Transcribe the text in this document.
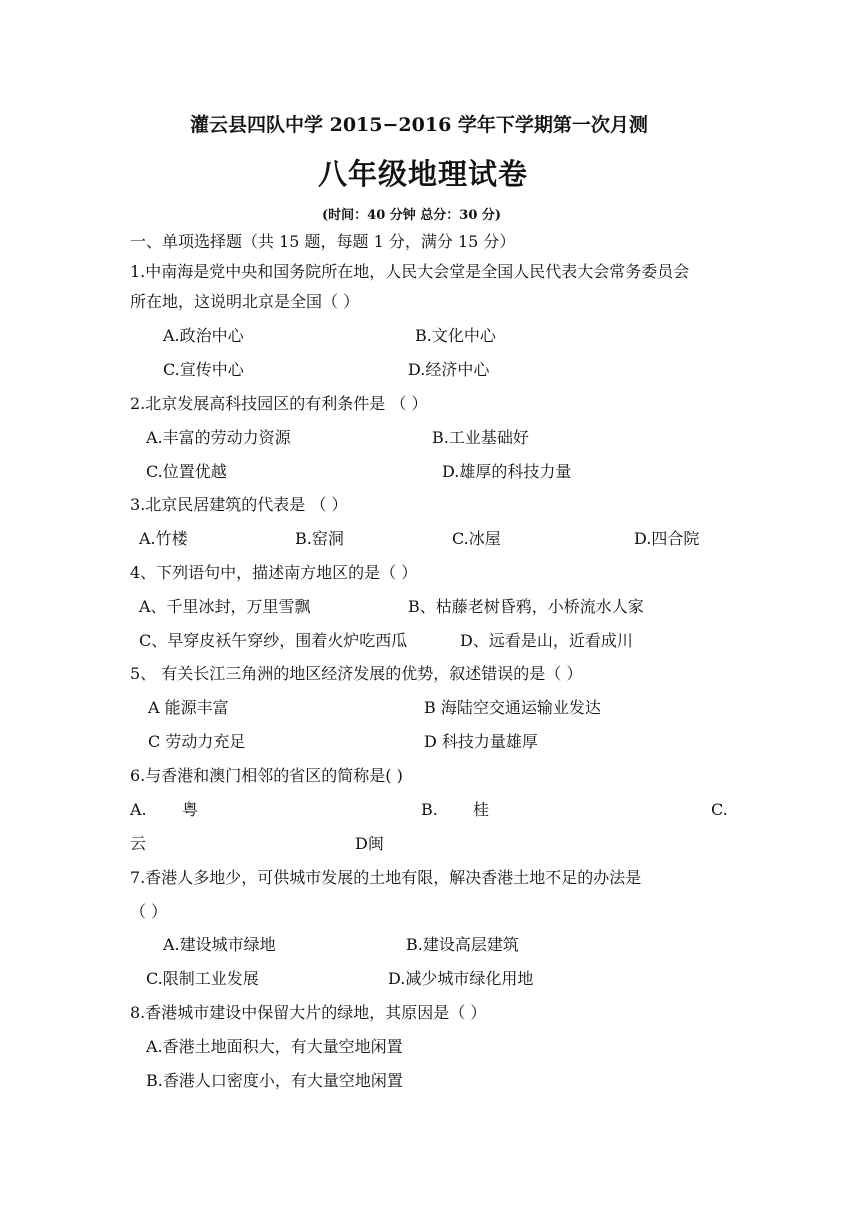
灌云县四队中学 2015−2016 学年下学期第一次月测
八年级地理试卷
(时间：40 分钟 总分：30 分)
一、单项选择题（共 15 题，每题 1 分，满分 15 分）
1.中南海是党中央和国务院所在地，人民大会堂是全国人民代表大会常务委员会
所在地，这说明北京是全国（ ）
A.政治中心	B.文化中心
C.宣传中心	D.经济中心
2.北京发展高科技园区的有利条件是 （ ）
A.丰富的劳动力资源	B.工业基础好
C.位置优越	D.雄厚的科技力量
3.北京民居建筑的代表是 （ ）
A.竹楼	B.窑洞	C.冰屋	D.四合院
4、下列语句中，描述南方地区的是（ ）
A、千里冰封，万里雪飘	B、枯藤老树昏鸦，小桥流水人家
C、早穿皮袄午穿纱，围着火炉吃西瓜	D、远看是山，近看成川
5、 有关长江三角洲的地区经济发展的优势，叙述错误的是（ ）
A 能源丰富	B 海陆空交通运输业发达
C 劳动力充足	D 科技力量雄厚
6.与香港和澳门相邻的省区的简称是( )
A. 粤	B. 桂	C.
云	D闽
7.香港人多地少，可供城市发展的土地有限，解决香港土地不足的办法是
（ ）
A.建设城市绿地	B.建设高层建筑
C.限制工业发展	D.减少城市绿化用地
8.香港城市建设中保留大片的绿地，其原因是（ ）
A.香港土地面积大，有大量空地闲置
B.香港人口密度小，有大量空地闲置
